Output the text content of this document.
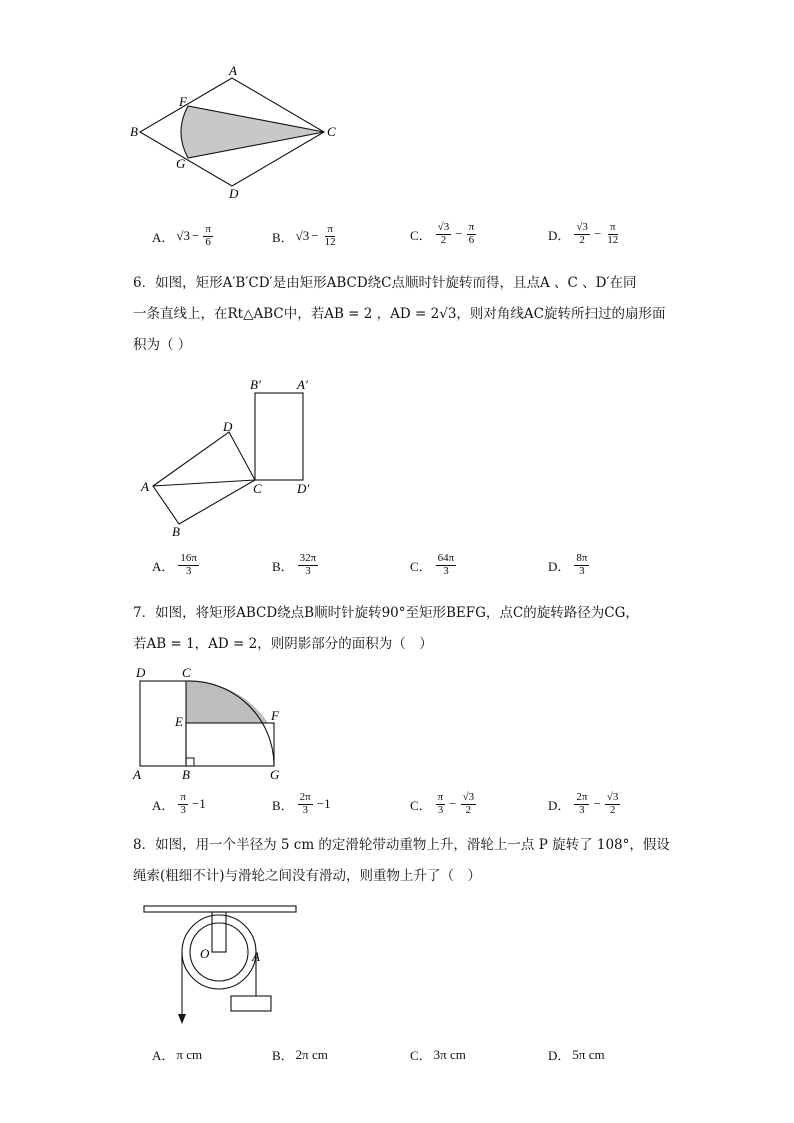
A
B	C
D
F
G
A． $√3 - \frac{\pi}{6}$	B． $√3 - \frac{\pi}{12}$	C． $\frac{√3}{2} - \frac{\pi}{6}$	D． $\frac{√3}{2} - \frac{\pi}{12}$
6．如图，矩形A′B′CD′是由矩形ABCD绕C点顺时针旋转而得，且点A 、C 、D′在同
一条直线上，在Rt△ABC中，若AB = 2 ，AD = 2√3，则对角线AC旋转所扫过的扇形面
积为（ ）
A
B
C
D
B′	A′
D′
A． $\frac{16\pi}{3}$	B． $\frac{32\pi}{3}$	C． $\frac{64\pi}{3}$	D． $\frac{8\pi}{3}$
7．如图，将矩形ABCD绕点B顺时针旋转90°至矩形BEFG，点C的旋转路径为CG，
若AB = 1，AD = 2，则阴影部分的面积为（　）
D	C
E	F
A	B	G
A． $\frac{\pi}{3} -1$	B． $\frac{2\pi}{3} -1$	C． $\frac{\pi}{3} - \frac{√3}{2}$	D． $\frac{2\pi}{3} - \frac{√3}{2}$
8．如图，用一个半径为 5 cm 的定滑轮带动重物上升，滑轮上一点 P 旋转了 108°，假设
绳索(粗细不计)与滑轮之间没有滑动，则重物上升了（　）
O	A
A． π cm	B． 2π cm	C． 3π cm	D． 5π cm
